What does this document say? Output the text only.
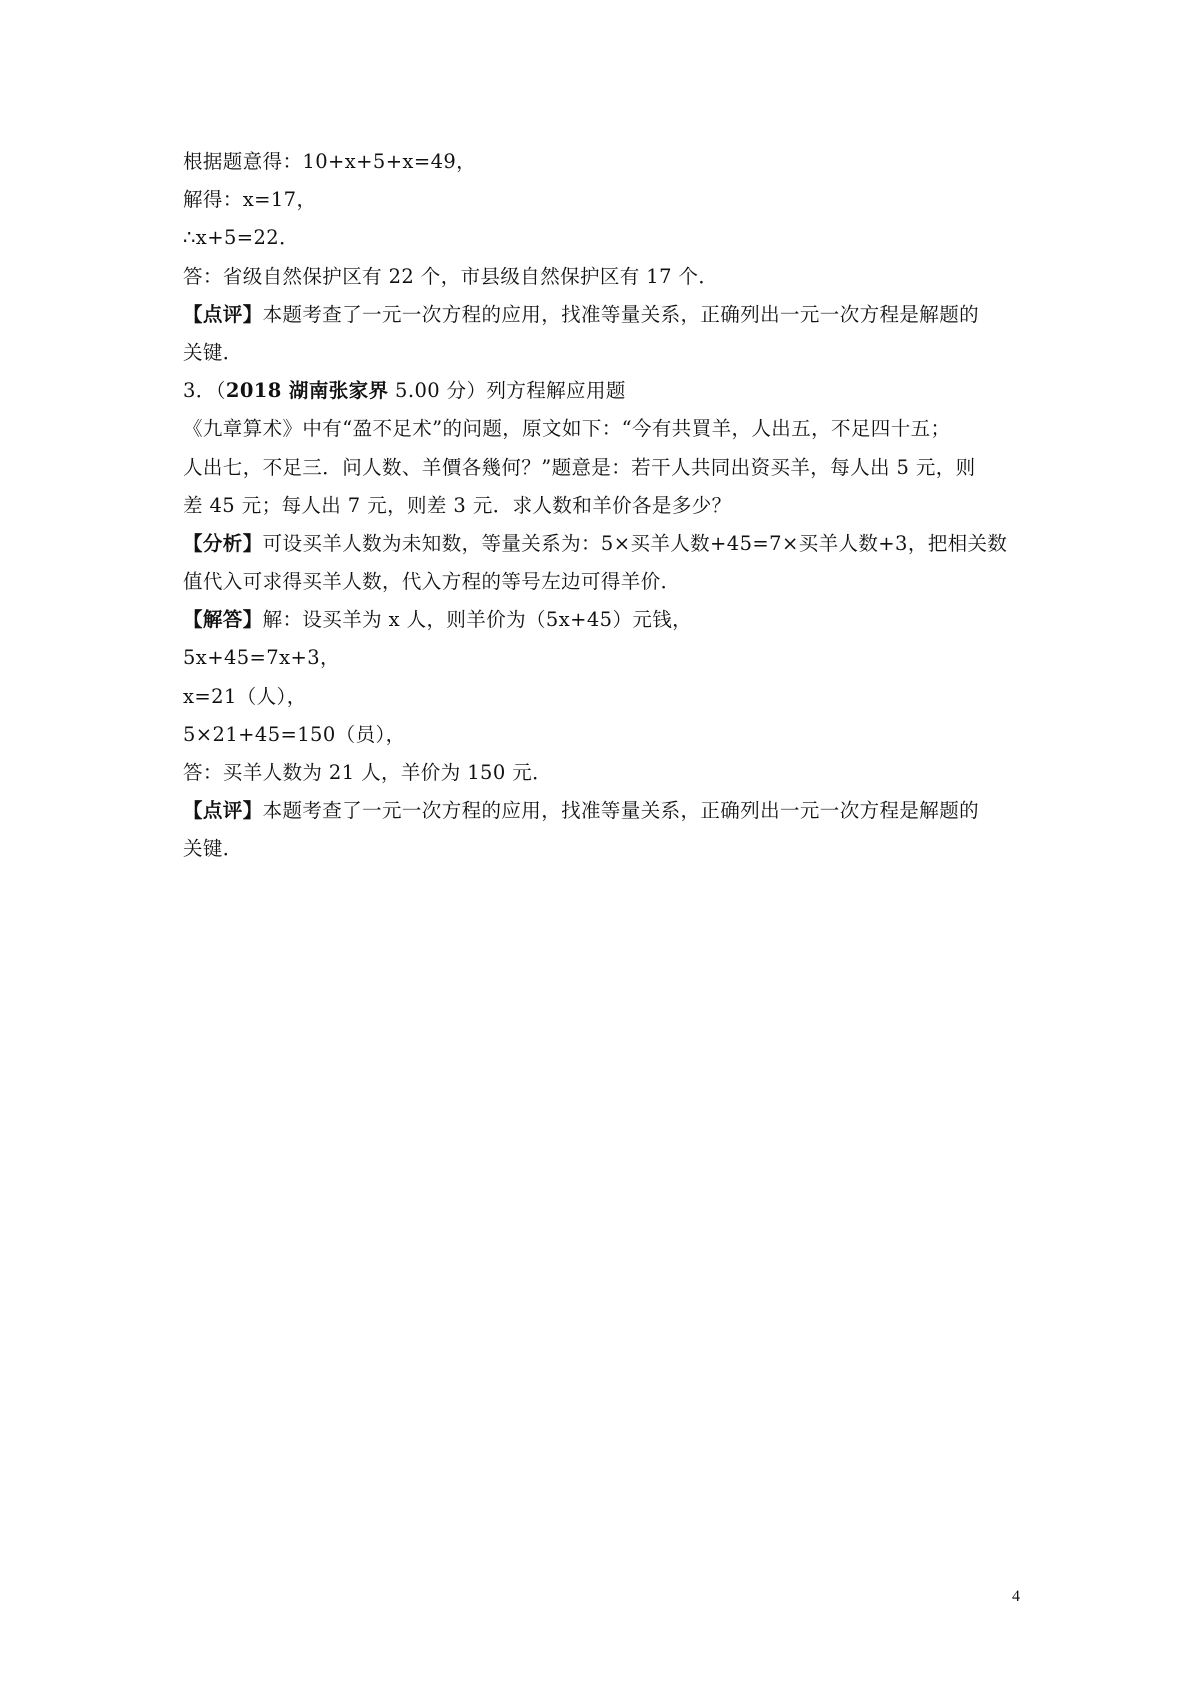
根据题意得：10+x+5+x=49，
解得：x=17，
∴x+5=22．
答：省级自然保护区有 22 个，市县级自然保护区有 17 个．
【点评】本题考查了一元一次方程的应用，找准等量关系，正确列出一元一次方程是解题的
关键．
3．（2018 湖南张家界 5.00 分）列方程解应用题
《九章算术》中有“盈不足术”的问题，原文如下：“今有共買羊，人出五，不足四十五；
人出七，不足三．问人数、羊價各幾何？”题意是：若干人共同出资买羊，每人出 5 元，则
差 45 元；每人出 7 元，则差 3 元．求人数和羊价各是多少？
【分析】可设买羊人数为未知数，等量关系为：5×买羊人数+45=7×买羊人数+3，把相关数
值代入可求得买羊人数，代入方程的等号左边可得羊价．
【解答】解：设买羊为 x 人，则羊价为（5x+45）元钱，
5x+45=7x+3，
x=21（人），
5×21+45=150（员），
答：买羊人数为 21 人，羊价为 150 元．
【点评】本题考查了一元一次方程的应用，找准等量关系，正确列出一元一次方程是解题的
关键．
4
